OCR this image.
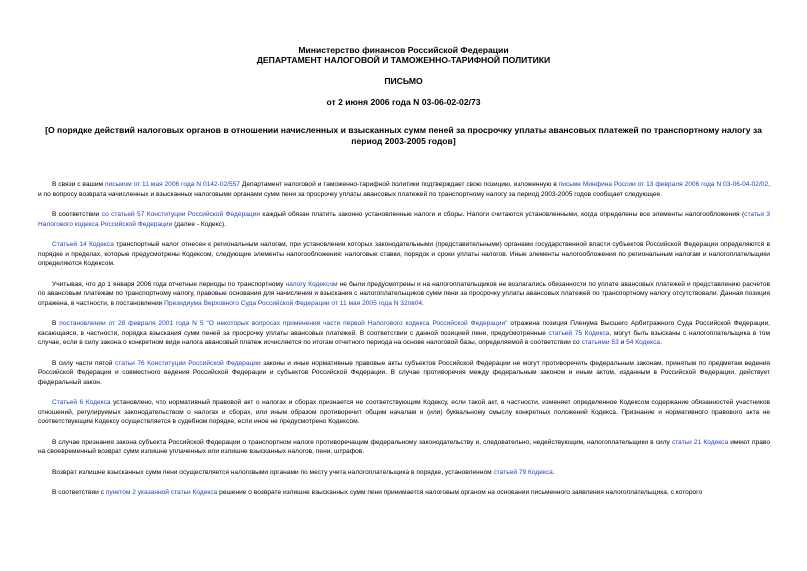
Министерство финансов Российской Федерации
ДЕПАРТАМЕНТ НАЛОГОВОЙ И ТАМОЖЕННО-ТАРИФНОЙ ПОЛИТИКИ
ПИСЬМО
от 2 июня 2006 года N 03-06-02-02/73
[О порядке действий налоговых органов в отношении начисленных и взысканных сумм пеней за просрочку уплаты авансовых платежей по транспортному налогу за период 2003-2005 годов]

В связи с вашим письмом от 11 мая 2006 года N 0142-02/557 Департамент налоговой и таможенно-тарифной политики подтверждает свою позицию, изложенную в письме Минфина России от 13 февраля 2006 года N 03-06-04-02/02, и по вопросу возврата начисленных и взысканных налоговыми органами сумм пени за просрочку уплаты авансовых платежей по транспортному налогу за период 2003-2005 годов сообщает следующее.

В соответствии со статьей 57 Конституции Российской Федерации каждый обязан платить законно установленные налоги и сборы. Налоги считаются установленными, когда определены все элементы налогообложения (статья 3 Налогового кодекса Российской Федерации (далее - Кодекс).

Статьей 14 Кодекса транспортный налог отнесен к региональным налогам, при установлении которых законодательными (представительными) органами государственной власти субъектов Российской Федерации определяются в порядке и пределах, которые предусмотрены Кодексом, следующие элементы налогообложения: налоговые ставки, порядок и сроки уплаты налогов. Иные элементы налогообложения по региональным налогам и налогоплательщики определяются Кодексом.

Учитывая, что до 1 января 2006 года отчетные периоды по транспортному налогу Кодексом не были предусмотрены и на налогоплательщиков не возлагались обязанности по уплате авансовых платежей и представлению расчетов по авансовым платежам по транспортному налогу, правовые основания для начисления и взыскания с налогоплательщиков сумм пени за просрочку уплаты авансовых платежей по транспортному налогу отсутствовали. Данная позиция отражена, в частности, в постановлении Президиума Верховного Суда Российской Федерации от 11 мая 2005 года N 32пв04.

В постановлении от 28 февраля 2001 года N 5 "О некоторых вопросах применения части первой Налогового кодекса Российской Федерации" отражена позиция Пленума Высшего Арбитражного Суда Российской Федерации, касающаяся, в частности, порядка взыскания сумм пеней за просрочку уплаты авансовых платежей. В соответствии с данной позицией пени, предусмотренные статьей 75 Кодекса, могут быть взысканы с налогоплательщика в том случае, если в силу закона о конкретном виде налога авансовый платеж исчисляется по итогам отчетного периода на основе налоговой базы, определяемой в соответствии со статьями 53 и 54 Кодекса.

В силу части пятой статьи 76 Конституции Российской Федерации законы и иные нормативные правовые акты субъектов Российской Федерации не могут противоречить федеральным законам, принятым по предметам ведения Российской Федерации и совместного ведения Российской Федерации и субъектов Российской Федерации. В случае противоречия между федеральным законом и иным актом, изданным в Российской Федерации, действует федеральный закон.

Статьей 6 Кодекса установлено, что нормативный правовой акт о налогах и сборах признается не соответствующим Кодексу, если такой акт, в частности, изменяет определенное Кодексом содержание обязанностей участников отношений, регулируемых законодательством о налогах и сборах, или иным образом противоречит общим началам и (или) буквальному смыслу конкретных положений Кодекса. Признание и нормативного правового акта не соответствующим Кодексу осуществляется в судебном порядке, если иное не предусмотрено Кодексом.

В случае признания закона субъекта Российской Федерации о транспортном налоге противоречащим федеральному законодательству и, следовательно, недействующим, налогоплательщики в силу статьи 21 Кодекса имеют право на своевременный возврат сумм излишне уплаченных или излишне взысканных налогов, пени, штрафов.

Возврат излишне взысканных сумм пени осуществляется налоговыми органами по месту учета налогоплательщика в порядке, установленном статьей 79 Кодекса.

В соответствии с пунктом 2 указанной статьи Кодекса решение о возврате излишне взысканных сумм пени принимается налоговым органом на основании письменного заявления налогоплательщика, с которого
